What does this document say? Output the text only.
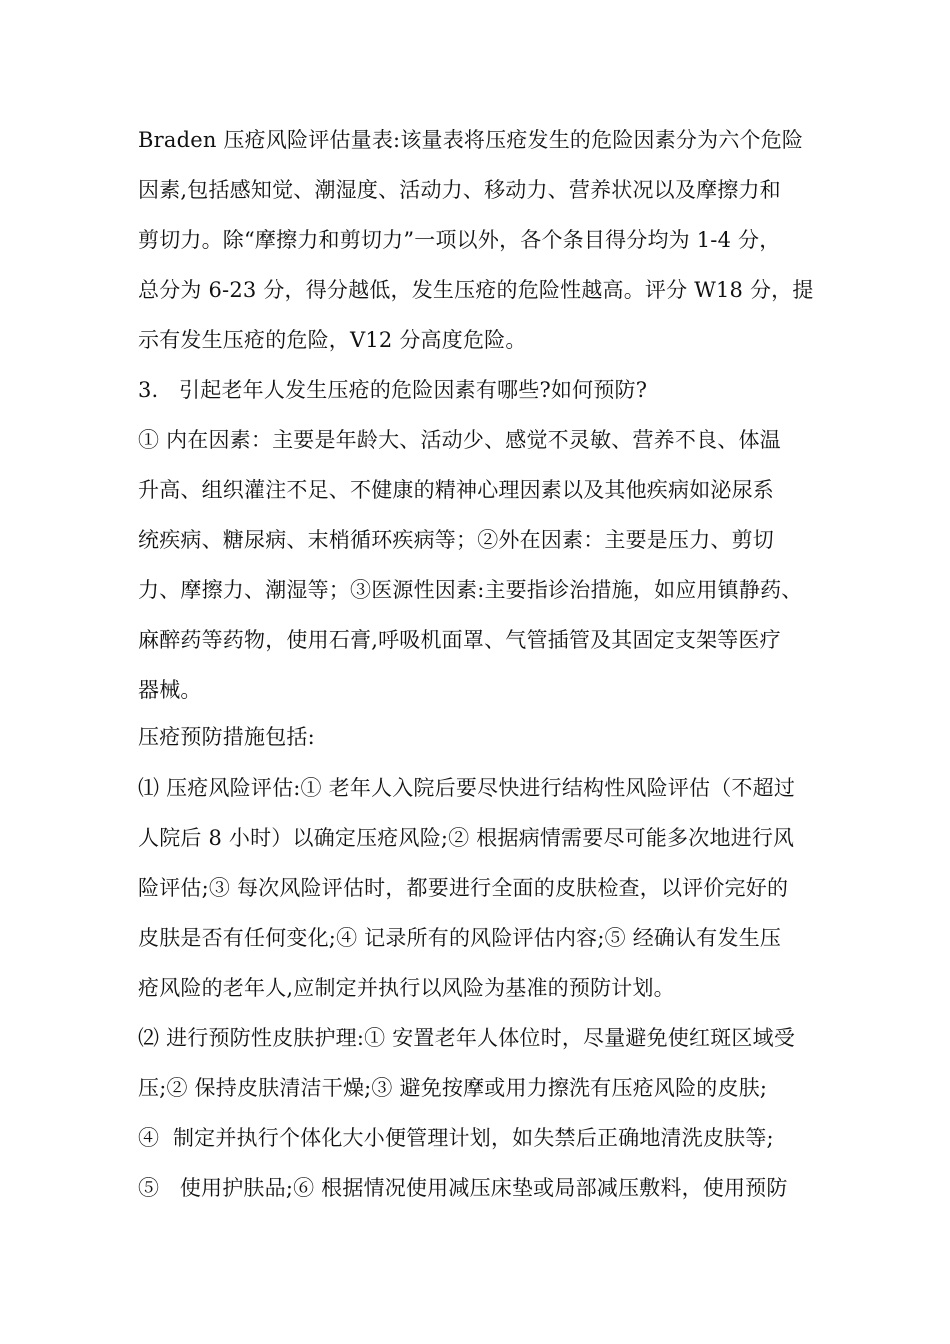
Braden 压疮风险评估量表:该量表将压疮发生的危险因素分为六个危险
因素,包括感知觉、潮湿度、活动力、移动力、营养状况以及摩擦力和
剪切力。除“摩擦力和剪切力”一项以外，各个条目得分均为 1-4 分，
总分为 6-23 分，得分越低，发生压疮的危险性越高。评分 W18 分，提
示有发生压疮的危险，V12 分高度危险。
3.   引起老年人发生压疮的危险因素有哪些?如何预防?
① 内在因素：主要是年龄大、活动少、感觉不灵敏、营养不良、体温
升高、组织灌注不足、不健康的精神心理因素以及其他疾病如泌尿系
统疾病、糖尿病、末梢循环疾病等；②外在因素：主要是压力、剪切
力、摩擦力、潮湿等；③医源性因素:主要指诊治措施，如应用镇静药、
麻醉药等药物，使用石膏,呼吸机面罩、气管插管及其固定支架等医疗
器械。
压疮预防措施包括:
⑴ 压疮风险评估:① 老年人入院后要尽快进行结构性风险评估（不超过
人院后 8 小时）以确定压疮风险;② 根据病情需要尽可能多次地进行风
险评估;③ 每次风险评估时，都要进行全面的皮肤检查，以评价完好的
皮肤是否有任何变化;④ 记录所有的风险评估内容;⑤ 经确认有发生压
疮风险的老年人,应制定并执行以风险为基准的预防计划。
⑵ 进行预防性皮肤护理:① 安置老年人体位时，尽量避免使红斑区域受
压;② 保持皮肤清洁干燥;③ 避免按摩或用力擦洗有压疮风险的皮肤;
④  制定并执行个体化大小便管理计划，如失禁后正确地清洗皮肤等;
⑤   使用护肤品;⑥ 根据情况使用减压床垫或局部减压敷料，使用预防
